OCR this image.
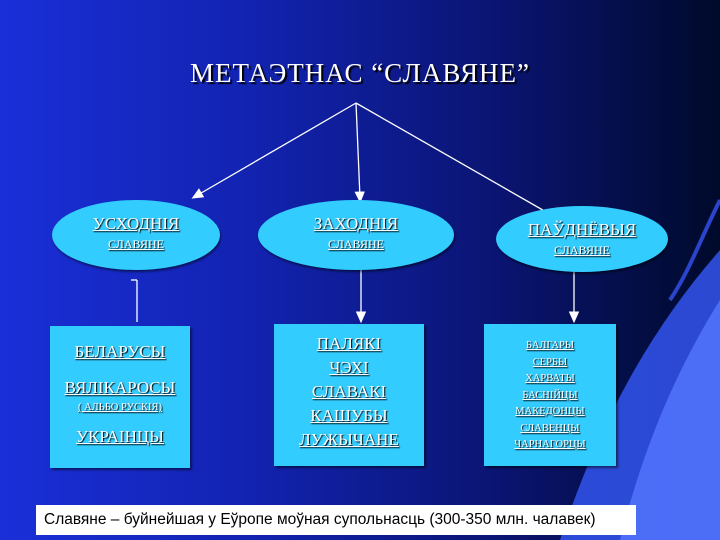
МЕТАЭТНАС “СЛАВЯНЕ”
УСХОДНІЯ
СЛАВЯНЕ
ЗАХОДНІЯ
СЛАВЯНЕ
ПАЎДНЁВЫЯ
СЛАВЯНЕ
БЕЛАРУСЫ
ВЯЛІКАРОСЫ
( АЛЬБО РУСКІЯ)
УКРАІНЦЫ
ПАЛЯКІ
ЧЭХІ
СЛАВАКІ
КАШУБЫ
ЛУЖЫЧАНЕ
БАЛГАРЫ
СЕРБЫ
ХАРВАТЫ
БАСНІЙЦЫ
МАКЕДОНЦЫ
СЛАВЕНЦЫ
ЧАРНАГОРЦЫ
Славяне – буйнейшая у Еўропе моўная супольнасць (300-350 млн. чалавек)
